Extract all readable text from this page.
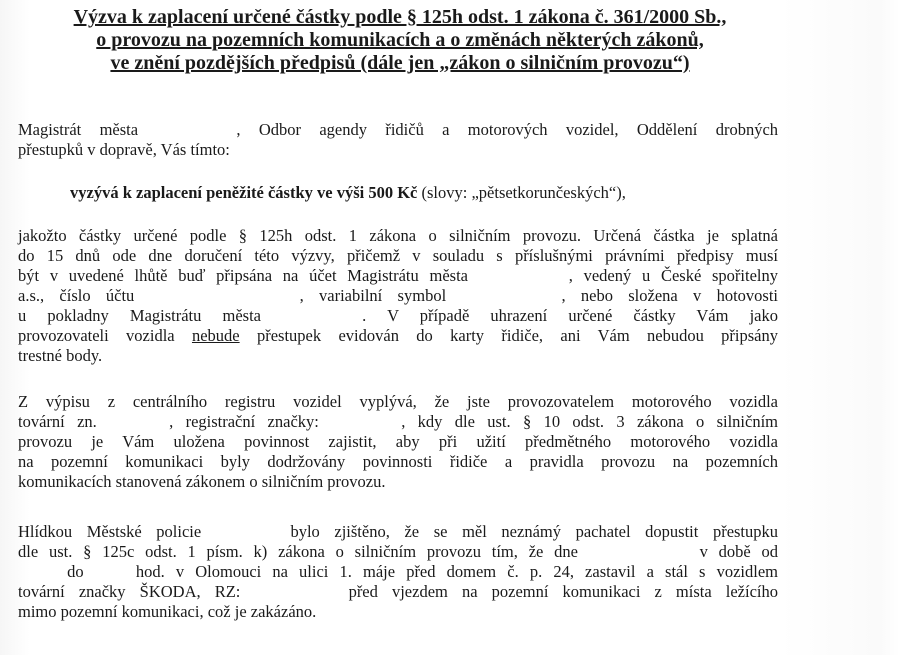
Výzva k zaplacení určené částky podle § 125h odst. 1 zákona č. 361/2000 Sb.,
o provozu na pozemních komunikacích a o změnách některých zákonů,
ve znění pozdějších předpisů (dále jen „zákon o silničním provozu“)
Magistrát města	, Odbor agendy řidičů a motorových vozidel, Oddělení drobných
přestupků v dopravě, Vás tímto:
vyzývá k zaplacení peněžité částky ve výši 500 Kč (slovy: „pětsetkorunčeských“),
jakožto částky určené podle § 125h odst. 1 zákona o silničním provozu. Určená částka je splatná
do 15 dnů ode dne doručení této výzvy, přičemž v souladu s příslušnými právními předpisy musí
být v uvedené lhůtě buď připsána na účet Magistrátu města	, vedený u České spořitelny
a.s., číslo účtu	, variabilní symbol	, nebo složena v hotovosti
u pokladny Magistrátu města	. V případě uhrazení určené částky Vám jako
provozovateli vozidla nebude přestupek evidován do karty řidiče, ani Vám nebudou připsány
trestné body.
Z výpisu z centrálního registru vozidel vyplývá, že jste provozovatelem motorového vozidla
tovární zn.	, registrační značky:	, kdy dle ust. § 10 odst. 3 zákona o silničním
provozu je Vám uložena povinnost zajistit, aby při užití předmětného motorového vozidla
na pozemní komunikaci byly dodržovány povinnosti řidiče a pravidla provozu na pozemních
komunikacích stanovená zákonem o silničním provozu.
Hlídkou Městské policie	bylo zjištěno, že se měl neznámý pachatel dopustit přestupku
dle ust. § 125c odst. 1 písm. k) zákona o silničním provozu tím, že dne	v době od
do	hod. v Olomouci na ulici 1. máje před domem č. p. 24, zastavil a stál s vozidlem
tovární značky ŠKODA, RZ:	před vjezdem na pozemní komunikaci z místa ležícího
mimo pozemní komunikaci, což je zakázáno.
